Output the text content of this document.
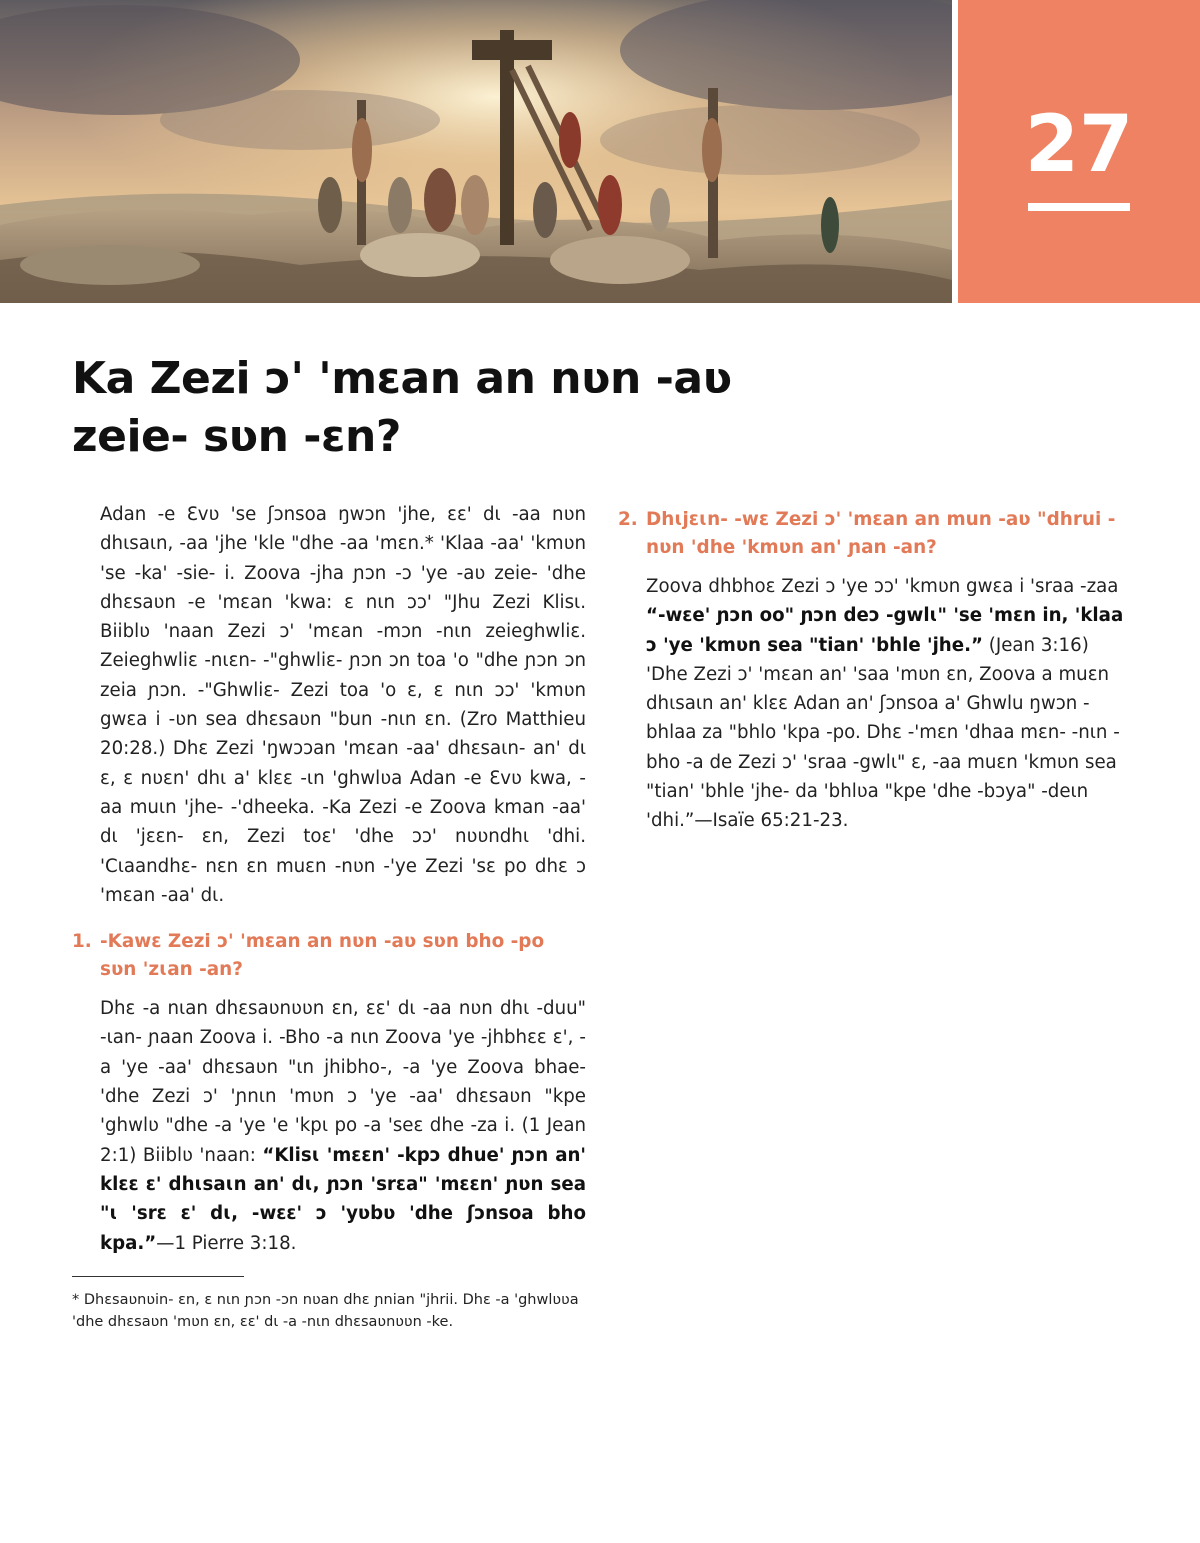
27
Ka Zezi ɔ' 'mɛan an nʋn -aʋ zeie- sʋn -ɛn?

Adan -e Ɛvʋ 'se ʃɔnsoa ŋwɔn 'jhe, ɛɛ' dɩ -aa nʋn dhɩsaɩn, -aa 'jhe 'kle "dhe -aa 'mɛn.* 'Klaa -aa' 'kmʋn 'se -ka' -sie- i. Zoova -jha ɲɔn -ɔ 'ye -aʋ zeie- 'dhe dhɛsaʋn -e 'mɛan 'kwa: ɛ nɩn ɔɔ' "Jhu Zezi Klisɩ. Biiblʋ 'naan Zezi ɔ' 'mɛan -mɔn -nɩn zeieghwliɛ. Zeieghwliɛ -nɩɛn- -"ghwliɛ- ɲɔn ɔn toa 'o "dhe ɲɔn ɔn zeia ɲɔn. -"Ghwliɛ- Zezi toa 'o ɛ, ɛ nɩn ɔɔ' 'kmʋn gwɛa i -ʋn sea dhɛsaʋn "bun -nɩn ɛn. (Zro Matthieu 20:28.) Dhɛ Zezi 'ŋwɔɔan 'mɛan -aa' dhɛsaɩn- an' dɩ ɛ, ɛ nʋɛn' dhɩ a' klɛɛ -ɩn 'ghwlʋa Adan -e Ɛvʋ kwa, -aa muɩn 'jhe- -'dheeka. -Ka Zezi -e Zoova kman -aa' dɩ 'jɛɛn- ɛn, Zezi toɛ' 'dhe ɔɔ' nʋʋndhɩ 'dhi. 'Cɩaandhɛ- nɛn ɛn muɛn -nʋn -'ye Zezi 'sɛ po dhɛ ɔ 'mɛan -aa' dɩ.

1. -Kawɛ Zezi ɔ' 'mɛan an nʋn -aʋ sʋn bho -po sʋn 'zɩan -an?

Dhɛ -a nɩan dhɛsaʋnʋʋn ɛn, ɛɛ' dɩ -aa nʋn dhɩ -duu" -ɩan- ɲaan Zoova i. -Bho -a nɩn Zoova 'ye -jhbhɛɛ ɛ', -a 'ye -aa' dhɛsaʋn "ɩn jhibho-, -a 'ye Zoova bhae- 'dhe Zezi ɔ' 'ɲnɩn 'mʋn ɔ 'ye -aa' dhɛsaʋn "kpe 'ghwlʋ "dhe -a 'ye 'e 'kpɩ po -a 'seɛ dhe -za i. (1 Jean 2:1) Biiblʋ 'naan: “Klisɩ 'mɛɛn' -kpɔ dhue' ɲɔn an' klɛɛ ɛ' dhɩsaɩn an' dɩ, ɲɔn 'srɛa" 'mɛɛn' ɲʋn sea "ɩ 'srɛ ɛ' dɩ, -wɛɛ' ɔ 'yʋbʋ 'dhe ʃɔnsoa bho kpa.”—1 Pierre 3:18.

* Dhɛsaʋnʋin- ɛn, ɛ nɩn ɲɔn -ɔn nʋan dhɛ ɲnian "jhrii. Dhɛ -a 'ghwlʋʋa 'dhe dhɛsaʋn 'mʋn ɛn, ɛɛ' dɩ -a -nɩn dhɛsaʋnʋʋn -ke.

2. Dhɩjɛɩn- -wɛ Zezi ɔ' 'mɛan an mun -aʋ "dhrui -nʋn 'dhe 'kmʋn an' ɲan -an?

Zoova dhbhoɛ Zezi ɔ 'ye ɔɔ' 'kmʋn gwɛa i 'sraa -zaa “-wɛe' ɲɔn oo" ɲɔn deɔ -gwlɩ" 'se 'mɛn in, 'klaa ɔ 'ye 'kmʋn sea "tian' 'bhle 'jhe.” (Jean 3:16) 'Dhe Zezi ɔ' 'mɛan an' 'saa 'mʋn ɛn, Zoova a muɛn dhɩsaɩn an' klɛɛ Adan an' ʃɔnsoa a' Ghwlu ŋwɔn -bhlaa za "bhlo 'kpa -po. Dhɛ -'mɛn 'dhaa mɛn- -nɩn -bho -a de Zezi ɔ' 'sraa -gwlɩ" ɛ, -aa muɛn 'kmʋn sea "tian' 'bhle 'jhe- da 'bhlʋa "kpe 'dhe -bɔya" -deɩn 'dhi.”—Isaïe 65:21-23.
